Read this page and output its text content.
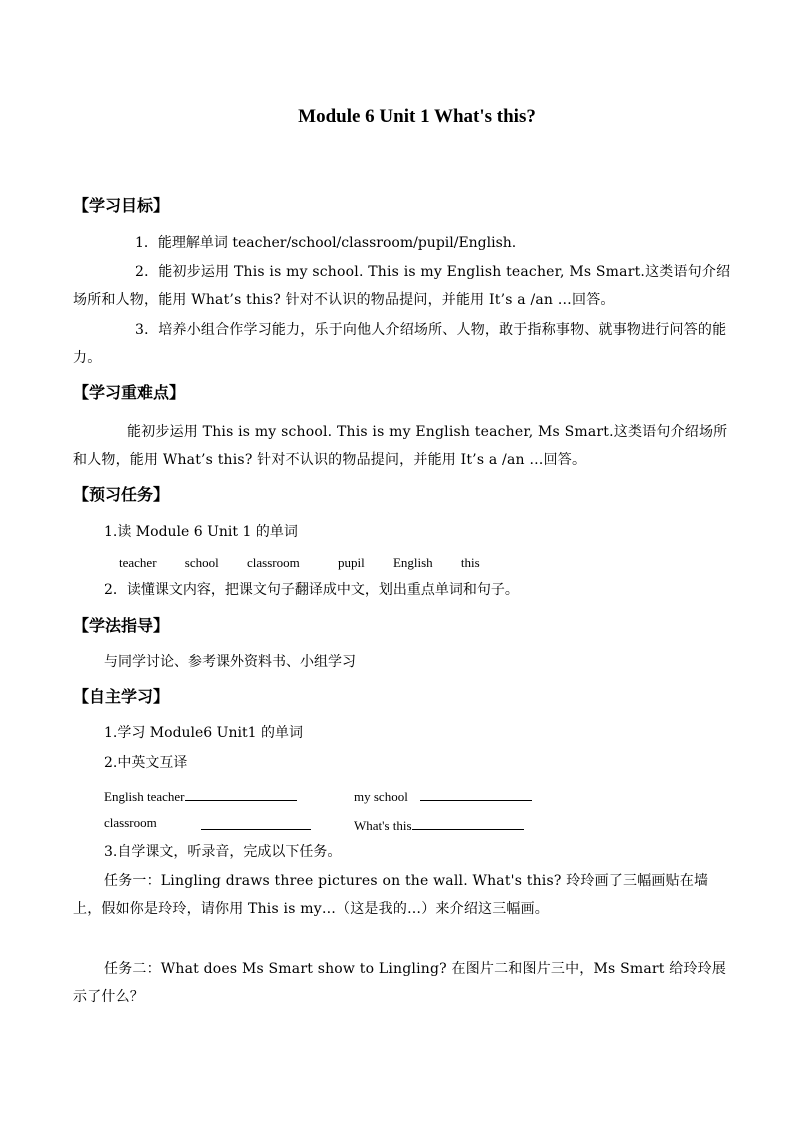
Module 6 Unit 1 What's this?
【学习目标】
1．能理解单词 teacher/school/classroom/pupil/English.
2．能初步运用 This is my school. This is my English teacher, Ms Smart.这类语句介绍场所和人物，能用 What’s this? 针对不认识的物品提问，并能用 It’s a /an …回答。
3．培养小组合作学习能力，乐于向他人介绍场所、人物，敢于指称事物、就事物进行问答的能力。
【学习重难点】
能初步运用 This is my school. This is my English teacher, Ms Smart.这类语句介绍场所和人物，能用 What’s this? 针对不认识的物品提问，并能用 It’s a /an …回答。
【预习任务】
1.读 Module 6 Unit 1 的单词
teacher school classroom	pupil English this
2．读懂课文内容，把课文句子翻译成中文，划出重点单词和句子。
【学法指导】
与同学讨论、参考课外资料书、小组学习
【自主学习】
1.学习 Module6 Unit1 的单词
2.中英文互译
English teacher	my school
classroom	What's this
3.自学课文，听录音，完成以下任务。
任务一：Lingling draws three pictures on the wall. What's this? 玲玲画了三幅画贴在墙上，假如你是玲玲，请你用 This is my…（这是我的…）来介绍这三幅画。
任务二：What does Ms Smart show to Lingling? 在图片二和图片三中，Ms Smart 给玲玲展示了什么？
